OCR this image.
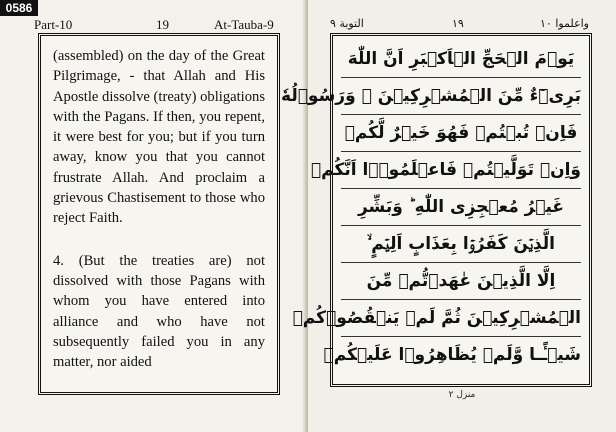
0586
Part-10	19	At-Tauba-9

(assembled) on the day of the Great Pilgrimage, - that Allah and His Apostle dissolve (treaty) obligations with the Pagans. If then, you repent, it were best for you; but if you turn away, know you that you cannot frustrate Allah. And proclaim a grievous Chastisement to those who reject Faith.

4. (But the treaties are) not dissolved with those Pagans with whom you have entered into alliance and who have not subsequently failed you in any matter, nor aided

التوبة ٩	١٩	واعلموا ١٠
يَوۡمَ الۡحَجِّ الۡاَكۡبَرِ اَنَّ اللّٰهَ
بَرِیۡٓءٌ مِّنَ الۡمُشۡرِكِيۡنَ ۙ وَرَسُوۡلُهٗ
فَاِنۡ تُبۡتُمۡ فَهُوَ خَيۡرٌ لَّكُمۡ
وَاِنۡ تَوَلَّيۡتُمۡ فَاعۡلَمُوۡۤا اَنَّكُمۡ
غَيۡرُ مُعۡجِزِى اللّٰهِ ؕ وَبَشِّرِ
الَّذِيۡنَ كَفَرُوۡا بِعَذَابٍ اَلِيۡمٍ ۙ
اِلَّا الَّذِيۡنَ عٰهَدۡتُّمۡ مِّنَ
الۡمُشۡرِكِيۡنَ ثُمَّ لَمۡ يَنۡقُصُوۡكُمۡ
شَيۡـًٔـا وَّلَمۡ يُظَاهِرُوۡا عَلَيۡكُمۡ
منزل ٢
